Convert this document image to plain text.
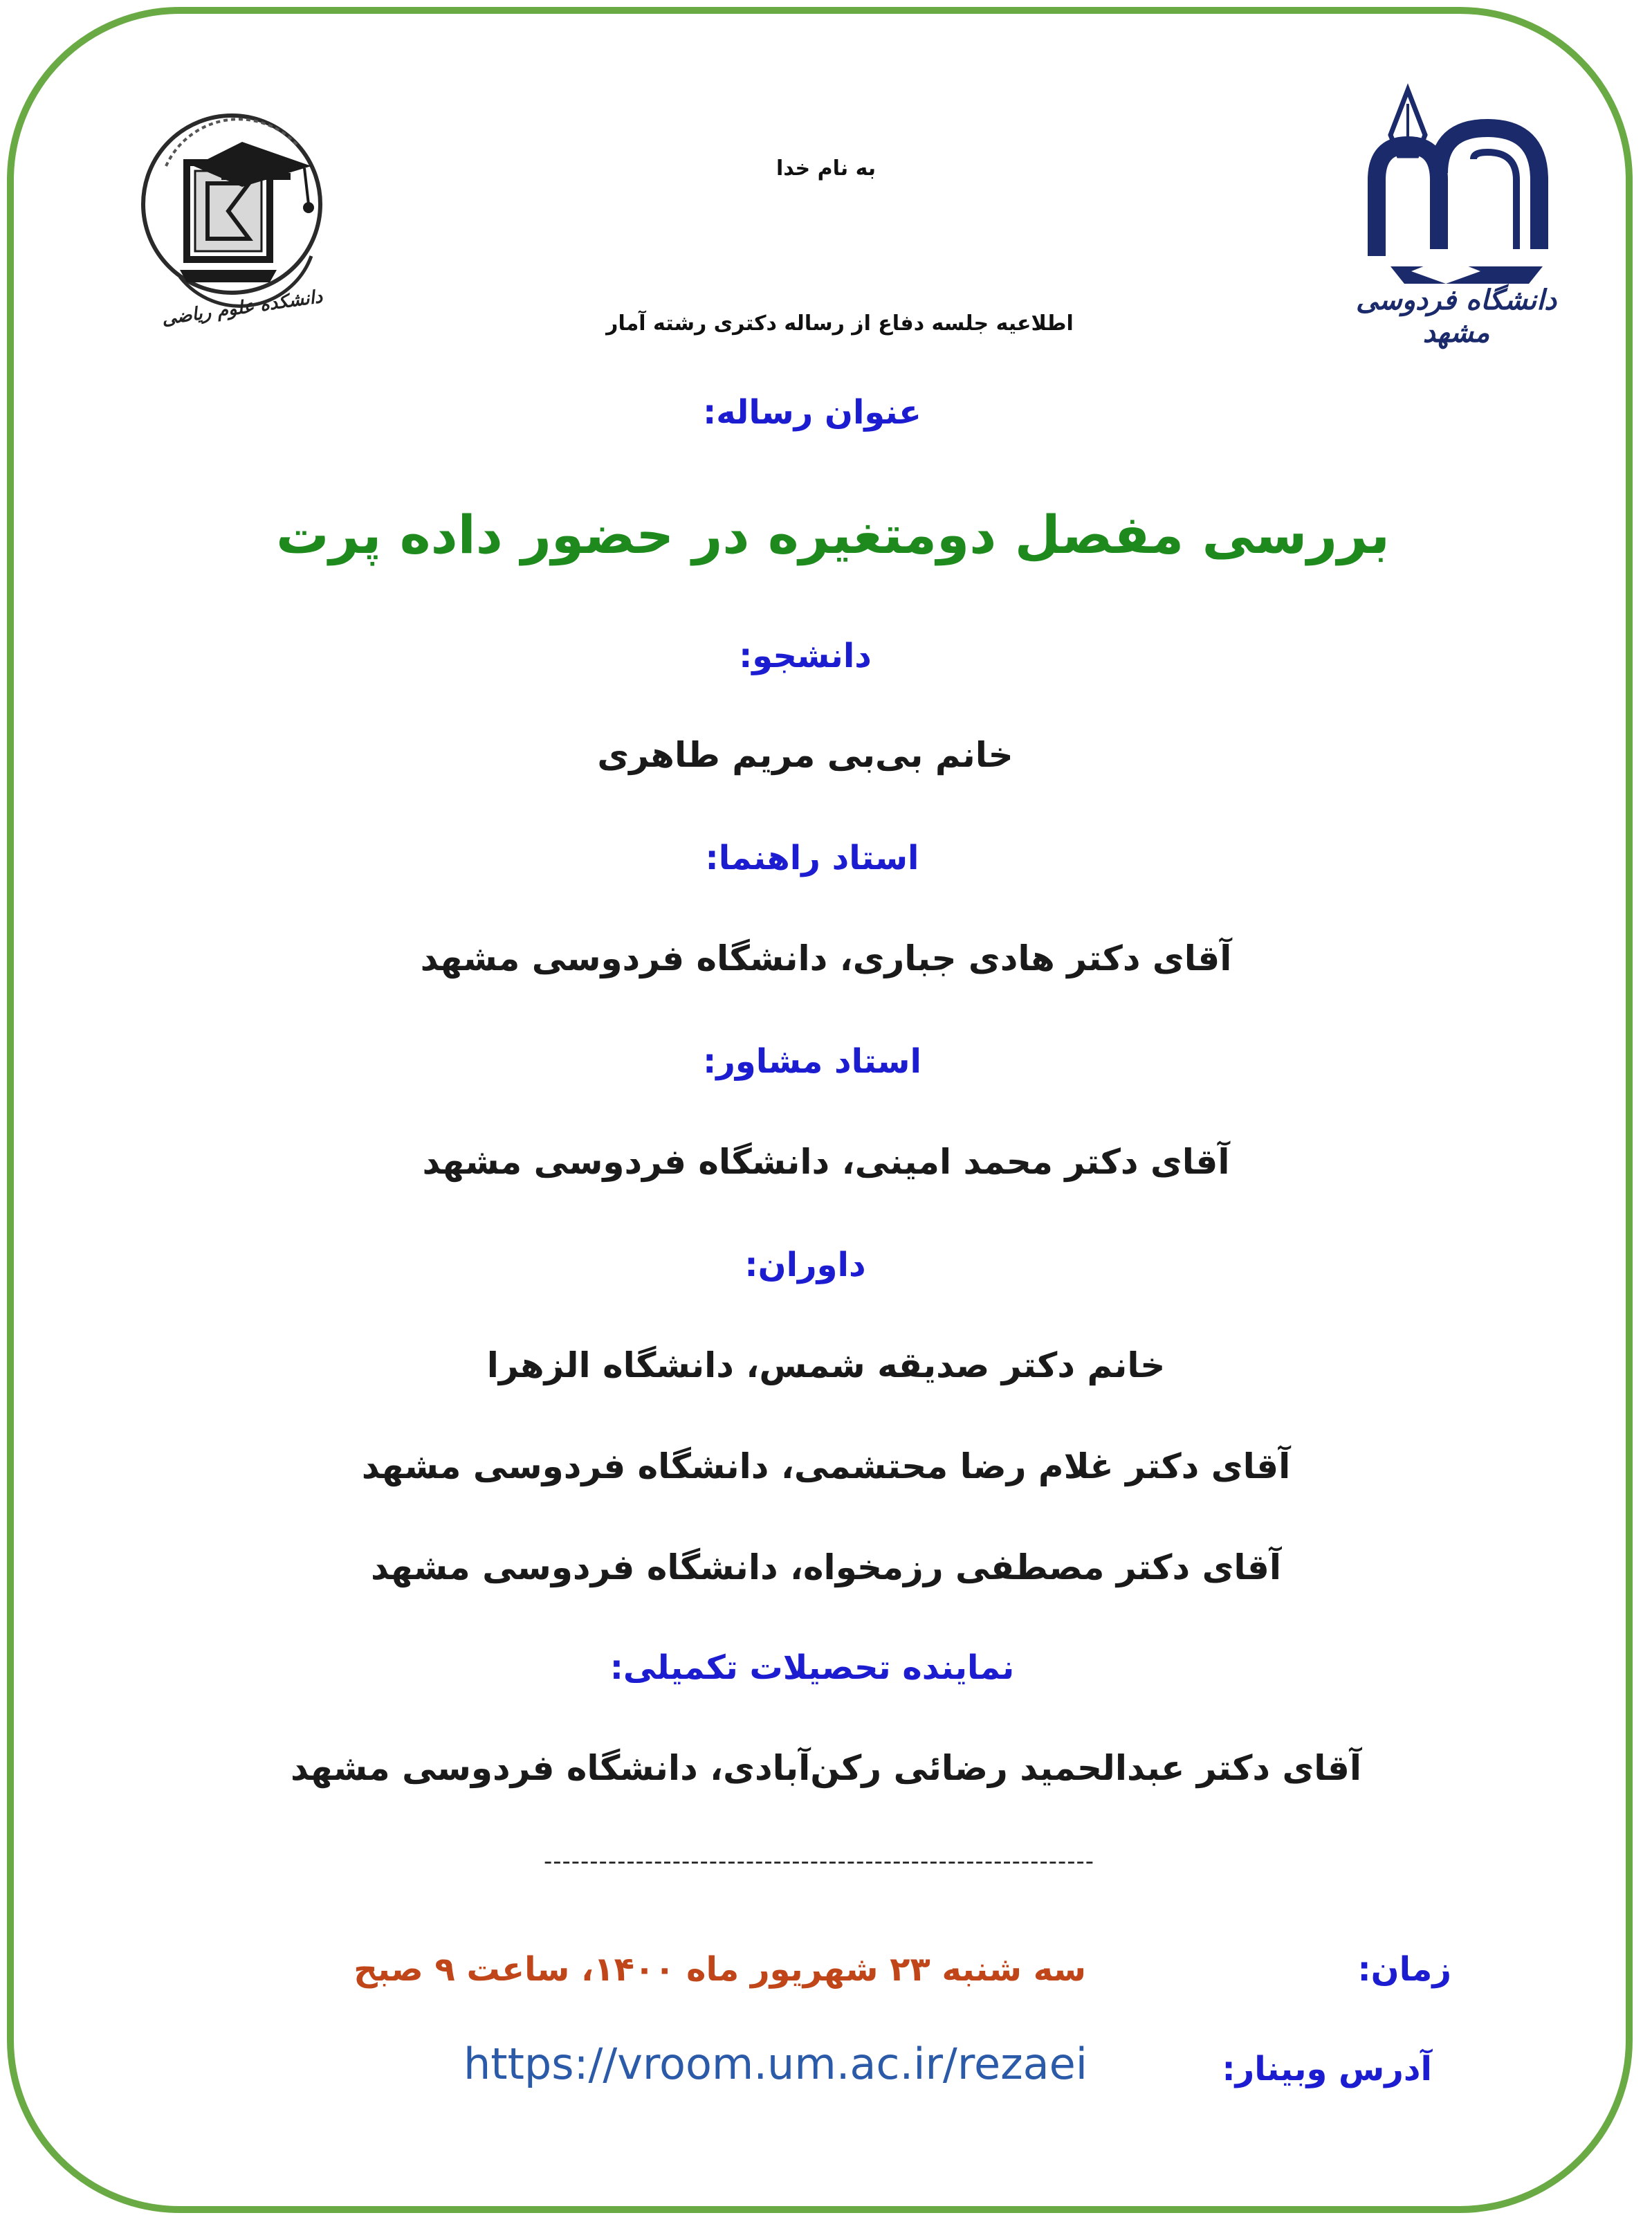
دانشکده علوم ریاضی	دانشگاه فردوسی مشهد
به نام خدا
اطلاعیه جلسه دفاع از رساله دکتری رشته آمار
عنوان رساله:
بررسی مفصل دومتغیره در حضور داده پرت
دانشجو:
خانم بی‌بی مریم طاهری
استاد راهنما:
آقای دکتر هادی جباری، دانشگاه فردوسی مشهد
استاد مشاور:
آقای دکتر محمد امینی، دانشگاه فردوسی مشهد
داوران:
خانم دکتر صدیقه شمس، دانشگاه الزهرا
آقای دکتر غلام رضا محتشمی، دانشگاه فردوسی مشهد
آقای دکتر مصطفی رزمخواه، دانشگاه فردوسی مشهد
نماینده تحصیلات تکمیلی:
آقای دکتر عبدالحمید رضائی رکن‌آبادی، دانشگاه فردوسی مشهد
------------------------------------------------------------
زمان:
سه شنبه ۲۳ شهریور ماه ۱۴۰۰، ساعت ۹ صبح
آدرس وبینار:
https://vroom.um.ac.ir/rezaei
